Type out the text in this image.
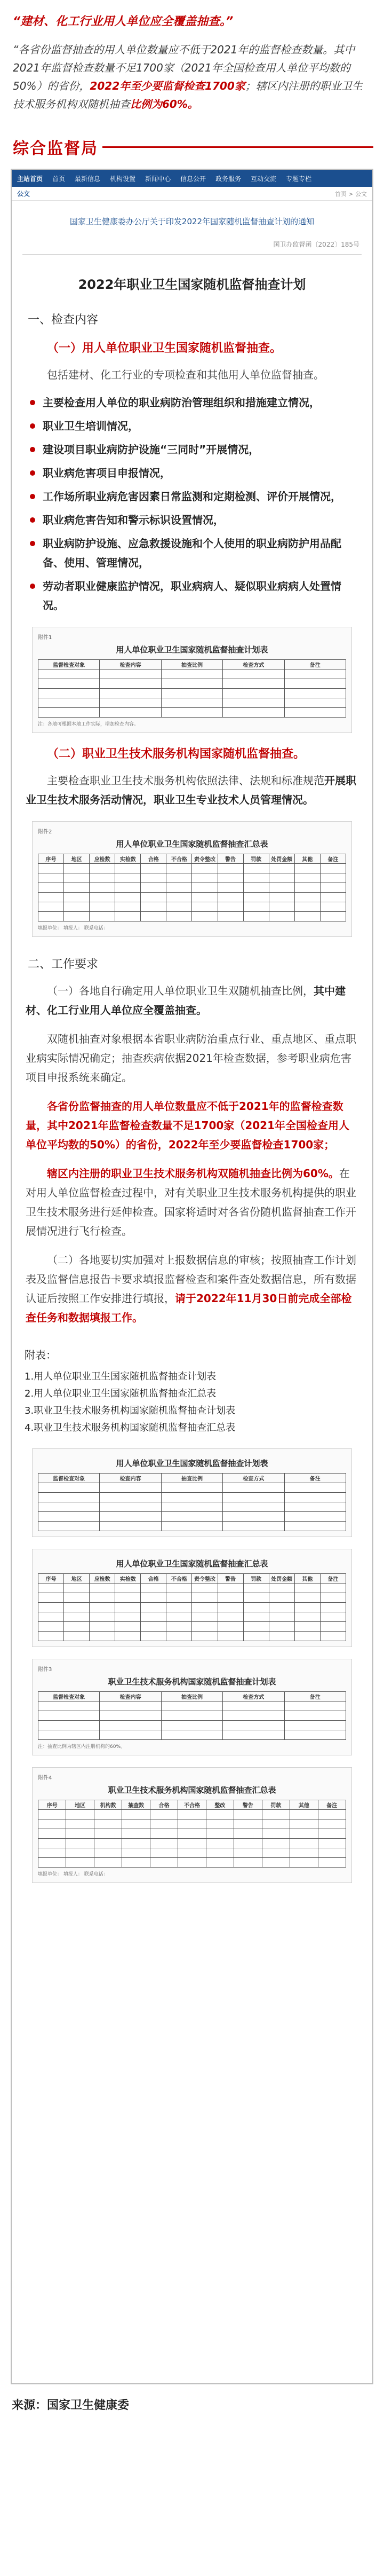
“建材、化工行业用人单位应全覆盖抽查。”
“各省份监督抽查的用人单位数量应不低于2021年的监督检查数量。其中2021年监督检查数量不足1700家（2021年全国检查用人单位平均数的50%）的省份，2022年至少要监督检查1700家；辖区内注册的职业卫生技术服务机构双随机抽查比例为60%。
综合监督局
主站首页 首页 最新信息 机构设置 新闻中心 信息公开 政务服务 互动交流 专题专栏
公文	首页 > 公文
国家卫生健康委办公厅关于印发2022年国家随机监督抽查计划的通知
国卫办监督函〔2022〕185号
2022年职业卫生国家随机监督抽查计划
一、检查内容
（一）用人单位职业卫生国家随机监督抽查。
包括建材、化工行业的专项检查和其他用人单位监督抽查。
主要检查用人单位的职业病防治管理组织和措施建立情况，
职业卫生培训情况，
建设项目职业病防护设施“三同时”开展情况，
职业病危害项目申报情况，
工作场所职业病危害因素日常监测和定期检测、评价开展情况，
职业病危害告知和警示标识设置情况，
职业病防护设施、应急救援设施和个人使用的职业病防护用品配备、使用、管理情况，
劳动者职业健康监护情况，职业病病人、疑似职业病病人处置情况。
附件1
用人单位职业卫生国家随机监督抽查计划表
监督检查对象	检查内容	抽查比例	检查方式	备注
注：各地可根据本地工作实际，增加检查内容。
（二）职业卫生技术服务机构国家随机监督抽查。
主要检查职业卫生技术服务机构依照法律、法规和标准规范开展职业卫生技术服务活动情况，职业卫生专业技术人员管理情况。
附件2
用人单位职业卫生国家随机监督抽查汇总表
序号	地区	应检数	实检数	合格	不合格	责令整改	警告	罚款	处罚金额	其他	备注
填报单位： 填报人： 联系电话：
二、工作要求
（一）各地自行确定用人单位职业卫生双随机抽查比例，其中建材、化工行业用人单位应全覆盖抽查。
双随机抽查对象根据本省职业病防治重点行业、重点地区、重点职业病实际情况确定；抽查疾病依据2021年检查数据，参考职业病危害项目申报系统来确定。
各省份监督抽查的用人单位数量应不低于2021年的监督检查数量，其中2021年监督检查数量不足1700家（2021年全国检查用人单位平均数的50%）的省份，2022年至少要监督检查1700家；
辖区内注册的职业卫生技术服务机构双随机抽查比例为60%。在对用人单位监督检查过程中，对有关职业卫生技术服务机构提供的职业卫生技术服务进行延伸检查。国家将适时对各省份随机监督抽查工作开展情况进行飞行检查。
（二）各地要切实加强对上报数据信息的审核；按照抽查工作计划表及监督信息报告卡要求填报监督检查和案件查处数据信息，所有数据认证后按照工作安排进行填报，请于2022年11月30日前完成全部检查任务和数据填报工作。
附表：
1.用人单位职业卫生国家随机监督抽查计划表
2.用人单位职业卫生国家随机监督抽查汇总表
3.职业卫生技术服务机构国家随机监督抽查计划表
4.职业卫生技术服务机构国家随机监督抽查汇总表
用人单位职业卫生国家随机监督抽查计划表
监督检查对象	检查内容	抽查比例	检查方式	备注
用人单位职业卫生国家随机监督抽查汇总表
序号	地区	应检数	实检数	合格	不合格	责令整改	警告	罚款	处罚金额	其他	备注
附件3
职业卫生技术服务机构国家随机监督抽查计划表
监督检查对象	检查内容	抽查比例	检查方式	备注
注：抽查比例为辖区内注册机构的60%。
附件4
职业卫生技术服务机构国家随机监督抽查汇总表
序号	地区	机构数	抽查数	合格	不合格	整改	警告	罚款	其他	备注
填报单位： 填报人： 联系电话：
来源：国家卫生健康委
